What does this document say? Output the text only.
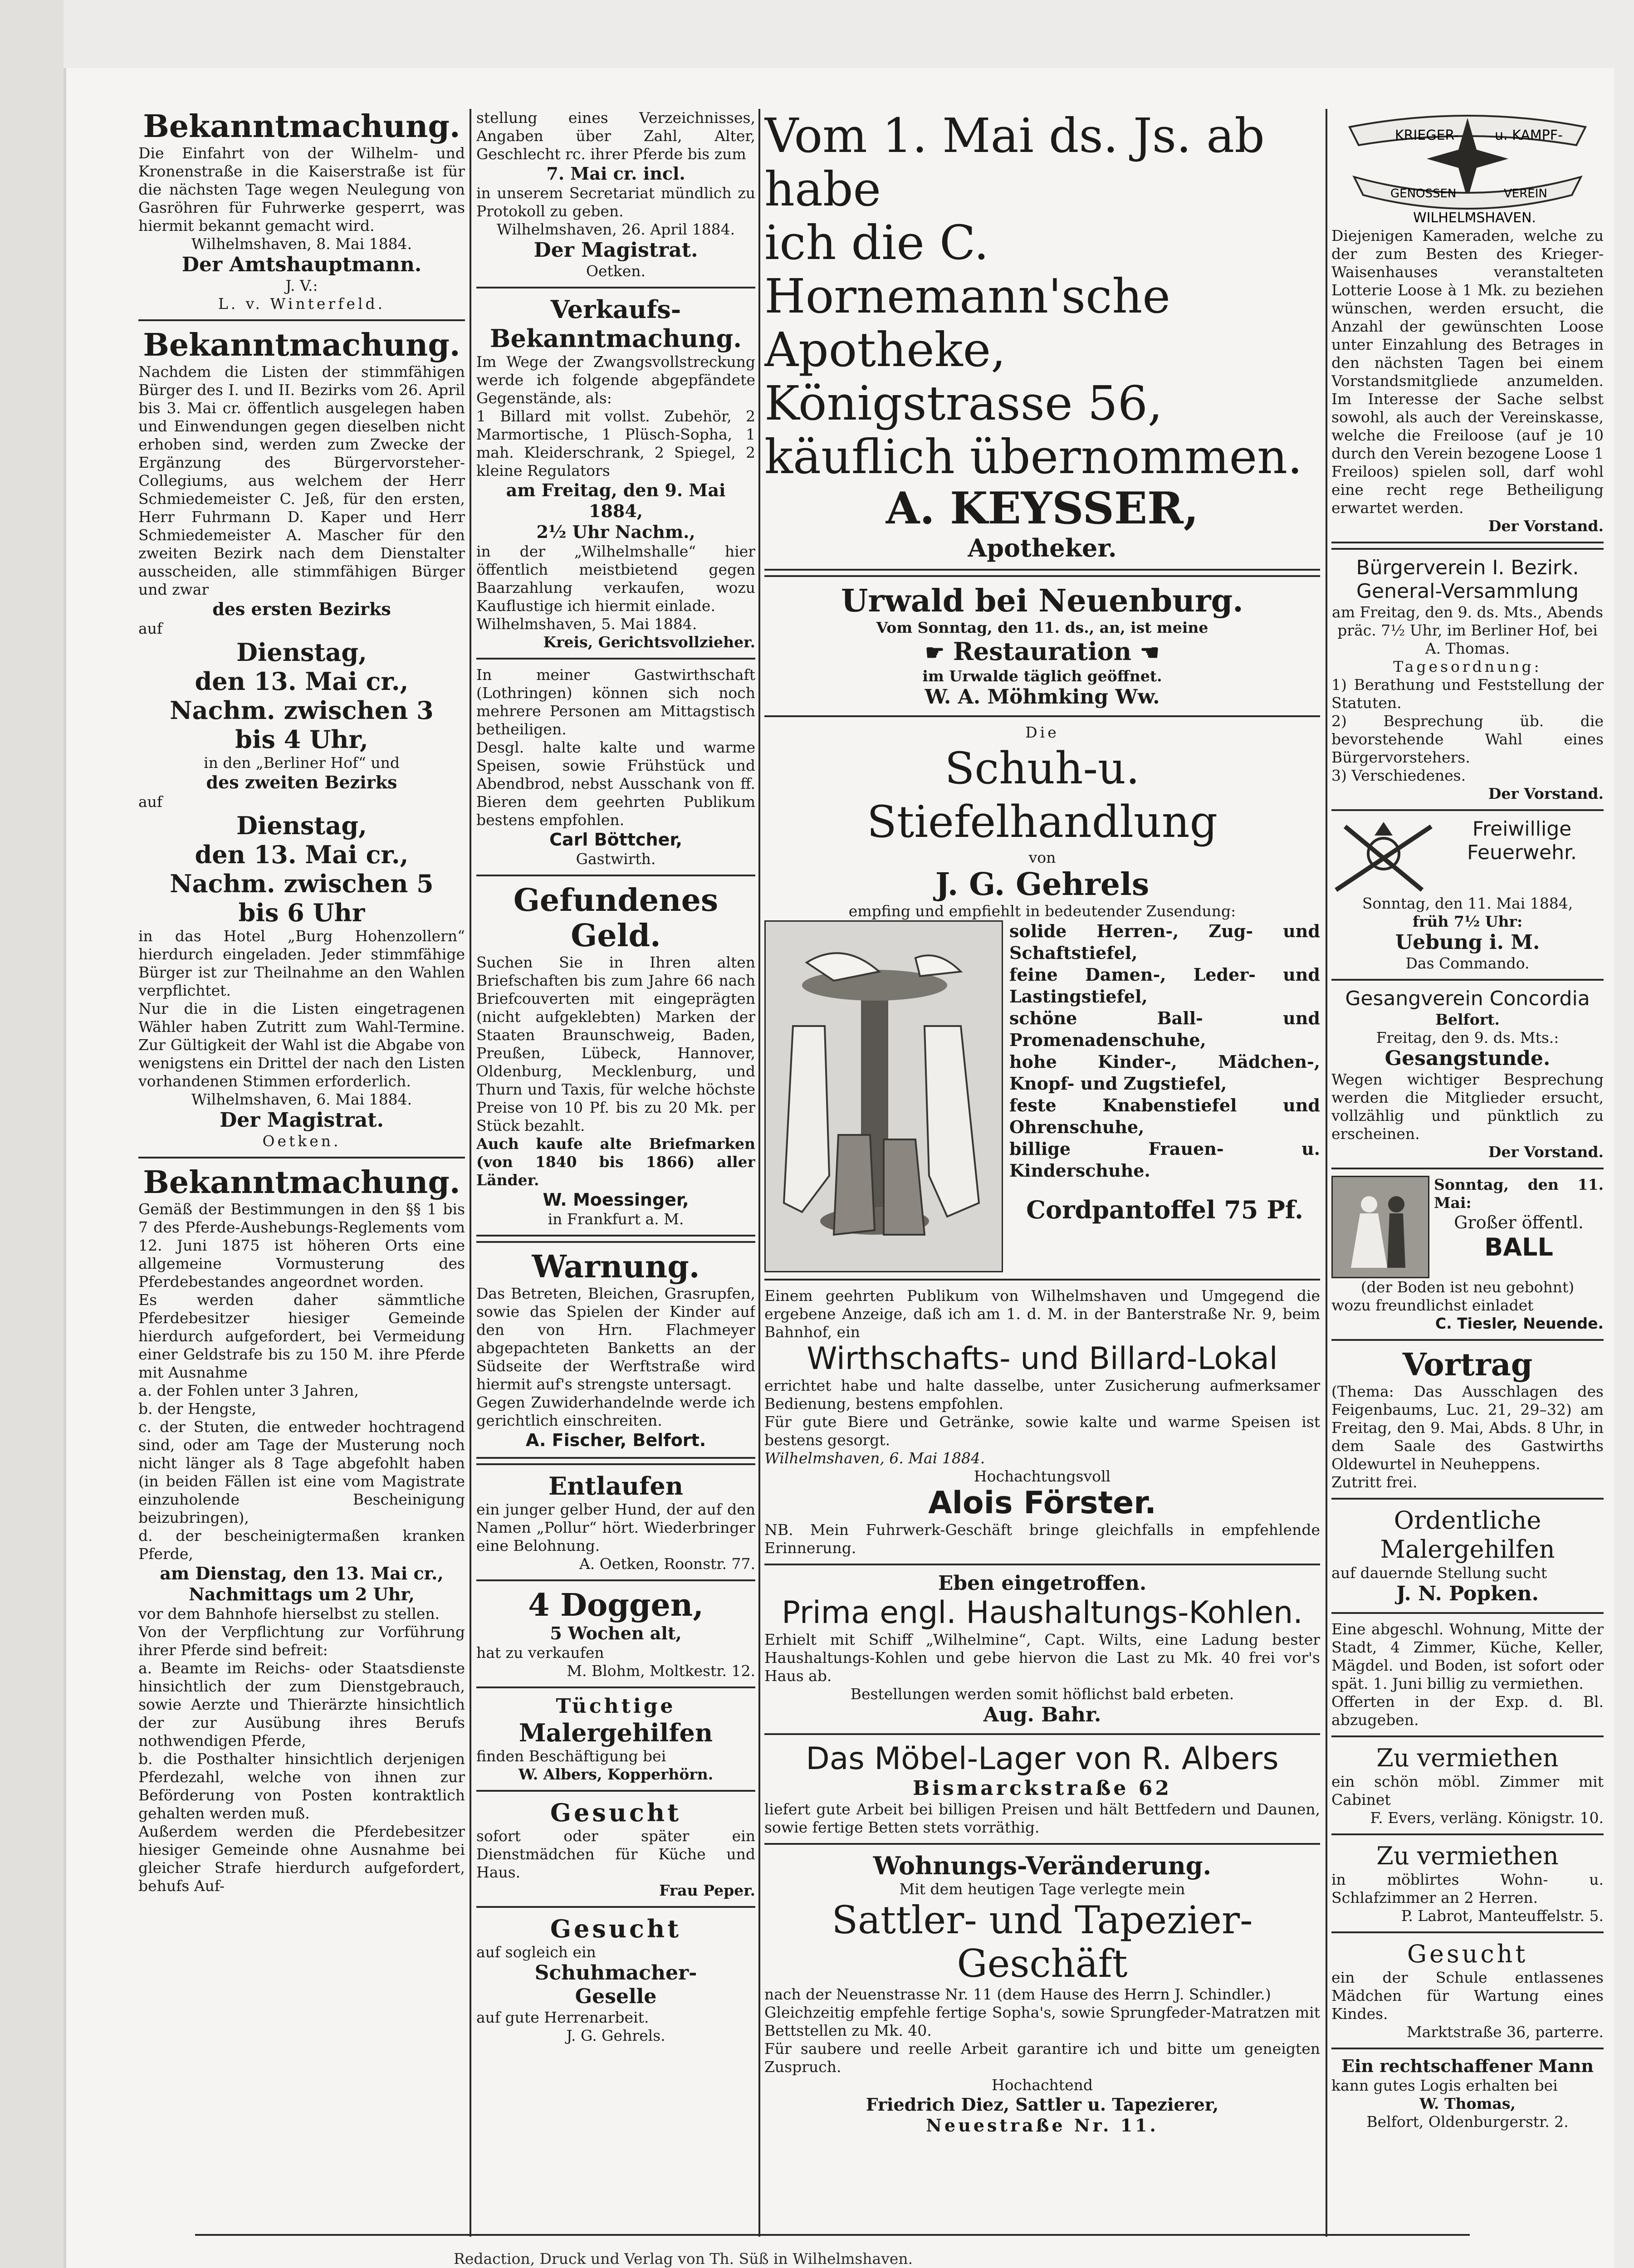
Bekanntmachung.

Die Einfahrt von der Wilhelm- und Kronenstraße in die Kaiserstraße ist für die nächsten Tage wegen Neulegung von Gasröhren für Fuhrwerke gesperrt, was hiermit bekannt gemacht wird.

Wilhelmshaven, 8. Mai 1884.

Der Amtshauptmann.

J. V.:

L. v. Winterfeld.

Bekanntmachung.

Nachdem die Listen der stimmfähigen Bürger des I. und II. Bezirks vom 26. April bis 3. Mai cr. öffentlich ausgelegen haben und Einwendungen gegen dieselben nicht erhoben sind, werden zum Zwecke der Ergänzung des Bürgervorsteher-Collegiums, aus welchem der Herr Schmiedemeister C. Jeß, für den ersten, Herr Fuhrmann D. Kaper und Herr Schmiedemeister A. Mascher für den zweiten Bezirk nach dem Dienstalter ausscheiden, alle stimmfähigen Bürger und zwar

des ersten Bezirks

auf

Dienstag,

den 13. Mai cr.,

Nachm. zwischen 3

bis 4 Uhr,

in den „Berliner Hof“ und

des zweiten Bezirks

auf

Dienstag,

den 13. Mai cr.,

Nachm. zwischen 5

bis 6 Uhr

in das Hotel „Burg Hohenzollern“ hierdurch eingeladen. Jeder stimmfähige Bürger ist zur Theilnahme an den Wahlen verpflichtet.

Nur die in die Listen eingetragenen Wähler haben Zutritt zum Wahl-Termine. Zur Gültigkeit der Wahl ist die Abgabe von wenigstens ein Drittel der nach den Listen vorhandenen Stimmen erforderlich.

Wilhelmshaven, 6. Mai 1884.

Der Magistrat.

Oetken.

Bekanntmachung.

Gemäß der Bestimmungen in den §§ 1 bis 7 des Pferde-Aushebungs-Reglements vom 12. Juni 1875 ist höheren Orts eine allgemeine Vormusterung des Pferdebestandes angeordnet worden.

Es werden daher sämmtliche Pferdebesitzer hiesiger Gemeinde hierdurch aufgefordert, bei Vermeidung einer Geldstrafe bis zu 150 M. ihre Pferde mit Ausnahme

a. der Fohlen unter 3 Jahren,

b. der Hengste,

c. der Stuten, die entweder hochtragend sind, oder am Tage der Musterung noch nicht länger als 8 Tage abgefohlt haben (in beiden Fällen ist eine vom Magistrate einzuholende Bescheinigung beizubringen),

d. der bescheinigtermaßen kranken Pferde,

am Dienstag, den 13. Mai cr., Nachmittags um 2 Uhr,

vor dem Bahnhofe hierselbst zu stellen.

Von der Verpflichtung zur Vorführung ihrer Pferde sind befreit:

a. Beamte im Reichs- oder Staatsdienste hinsichtlich der zum Dienstgebrauch, sowie Aerzte und Thierärzte hinsichtlich der zur Ausübung ihres Berufs nothwendigen Pferde,

b. die Posthalter hinsichtlich derjenigen Pferdezahl, welche von ihnen zur Beförderung von Posten kontraktlich gehalten werden muß.

Außerdem werden die Pferdebesitzer hiesiger Gemeinde ohne Ausnahme bei gleicher Strafe hierdurch aufgefordert, behufs Auf-

stellung eines Verzeichnisses, Angaben über Zahl, Alter, Geschlecht rc. ihrer Pferde bis zum

7. Mai cr. incl.

in unserem Secretariat mündlich zu Protokoll zu geben.

Wilhelmshaven, 26. April 1884.

Der Magistrat.

Oetken.

Verkaufs-Bekanntmachung.

Im Wege der Zwangsvollstreckung werde ich folgende abgepfändete Gegenstände, als:

1 Billard mit vollst. Zubehör, 2 Marmortische, 1 Plüsch-Sopha, 1 mah. Kleiderschrank, 2 Spiegel, 2 kleine Regulators

am Freitag, den 9. Mai 1884,

2½ Uhr Nachm.,

in der „Wilhelmshalle“ hier öffentlich meistbietend gegen Baarzahlung verkaufen, wozu Kauflustige ich hiermit einlade.

Wilhelmshaven, 5. Mai 1884.

Kreis, Gerichtsvollzieher.

In meiner Gastwirthschaft (Lothringen) können sich noch mehrere Personen am Mittagstisch betheiligen.

Desgl. halte kalte und warme Speisen, sowie Frühstück und Abendbrod, nebst Ausschank von ff. Bieren dem geehrten Publikum bestens empfohlen.

Carl Böttcher,

Gastwirth.

Gefundenes Geld.

Suchen Sie in Ihren alten Briefschaften bis zum Jahre 66 nach Briefcouverten mit eingeprägten (nicht aufgeklebten) Marken der Staaten Braunschweig, Baden, Preußen, Lübeck, Hannover, Oldenburg, Mecklenburg, und Thurn und Taxis, für welche höchste Preise von 10 Pf. bis zu 20 Mk. per Stück bezahlt.

Auch kaufe alte Briefmarken (von 1840 bis 1866) aller Länder.

W. Moessinger,

in Frankfurt a. M.

Warnung.

Das Betreten, Bleichen, Grasrupfen, sowie das Spielen der Kinder auf den von Hrn. Flachmeyer abgepachteten Banketts an der Südseite der Werftstraße wird hiermit auf's strengste untersagt.

Gegen Zuwiderhandelnde werde ich gerichtlich einschreiten.

A. Fischer, Belfort.

Entlaufen

ein junger gelber Hund, der auf den Namen „Pollur“ hört. Wiederbringer eine Belohnung.

A. Oetken, Roonstr. 77.

4 Doggen,

5 Wochen alt,

hat zu verkaufen

M. Blohm, Moltkestr. 12.

Tüchtige

Malergehilfen

finden Beschäftigung bei

W. Albers, Kopperhörn.

Gesucht

sofort oder später ein Dienstmädchen für Küche und Haus.

Frau Peper.

Gesucht

auf sogleich ein

Schuhmacher-

Geselle

auf gute Herrenarbeit.

J. G. Gehrels.

Vom 1. Mai ds. Js. ab habe

ich die C. Hornemann'sche

Apotheke, Königstrasse 56,

käuflich übernommen.

A. KEYSSER,

Apotheker.

Urwald bei Neuenburg.

Vom Sonntag, den 11. ds., an, ist meine

☛ Restauration ☚

im Urwalde täglich geöffnet.

W. A. Möhmking Ww.

Die

Schuh-u. Stiefelhandlung

von

J. G. Gehrels

empfing und empfiehlt in bedeutender Zusendung:

solide Herren-, Zug- und Schaftstiefel,

feine Damen-, Leder- und Lastingstiefel,

schöne Ball- und Promenadenschuhe,

hohe Kinder-, Mädchen-, Knopf- und Zugstiefel,

feste Knabenstiefel und Ohrenschuhe,

billige Frauen- u. Kinderschuhe.

Cordpantoffel 75 Pf.

Einem geehrten Publikum von Wilhelmshaven und Umgegend die ergebene Anzeige, daß ich am 1. d. M. in der Banterstraße Nr. 9, beim Bahnhof, ein

Wirthschafts- und Billard-Lokal

errichtet habe und halte dasselbe, unter Zusicherung aufmerksamer Bedienung, bestens empfohlen.

Für gute Biere und Getränke, sowie kalte und warme Speisen ist bestens gesorgt.

Wilhelmshaven, 6. Mai 1884.

Hochachtungsvoll

Alois Förster.

NB. Mein Fuhrwerk-Geschäft bringe gleichfalls in empfehlende Erinnerung.

Eben eingetroffen.

Prima engl. Haushaltungs-Kohlen.

Erhielt mit Schiff „Wilhelmine“, Capt. Wilts, eine Ladung bester Haushaltungs-Kohlen und gebe hiervon die Last zu Mk. 40 frei vor's Haus ab.

Bestellungen werden somit höflichst bald erbeten.

Aug. Bahr.

Das Möbel-Lager von R. Albers

Bismarckstraße 62

liefert gute Arbeit bei billigen Preisen und hält Bettfedern und Daunen, sowie fertige Betten stets vorräthig.

Wohnungs-Veränderung.

Mit dem heutigen Tage verlegte mein

Sattler- und Tapezier-Geschäft

nach der Neuenstrasse Nr. 11 (dem Hause des Herrn J. Schindler.)

Gleichzeitig empfehle fertige Sopha's, sowie Sprungfeder-Matratzen mit Bettstellen zu Mk. 40.

Für saubere und reelle Arbeit garantire ich und bitte um geneigten Zuspruch.

Hochachtend

Friedrich Diez, Sattler u. Tapezierer,

Neuestraße Nr. 11.

KRIEGER-	u. KAMPF-
GENOSSEN	VEREIN
WILHELMSHAVEN.

Diejenigen Kameraden, welche zu der zum Besten des Krieger-Waisenhauses veranstalteten Lotterie Loose à 1 Mk. zu beziehen wünschen, werden ersucht, die Anzahl der gewünschten Loose unter Einzahlung des Betrages in den nächsten Tagen bei einem Vorstandsmitgliede anzumelden. Im Interesse der Sache selbst sowohl, als auch der Vereinskasse, welche die Freiloose (auf je 10 durch den Verein bezogene Loose 1 Freiloos) spielen soll, darf wohl eine recht rege Betheiligung erwartet werden.

Der Vorstand.

Bürgerverein I. Bezirk.

General-Versammlung

am Freitag, den 9. ds. Mts., Abends präc. 7½ Uhr, im Berliner Hof, bei A. Thomas.

Tagesordnung:

1) Berathung und Feststellung der Statuten.

2) Besprechung üb. die bevorstehende Wahl eines Bürgervorstehers.

3) Verschiedenes.

Der Vorstand.

Freiwillige

Feuerwehr.

Sonntag, den 11. Mai 1884,

früh 7½ Uhr:

Uebung i. M.

Das Commando.

Gesangverein Concordia

Belfort.

Freitag, den 9. ds. Mts.:

Gesangstunde.

Wegen wichtiger Besprechung werden die Mitglieder ersucht, vollzählig und pünktlich zu erscheinen.

Der Vorstand.

Sonntag, den 11. Mai:

Großer öffentl.

BALL

(der Boden ist neu gebohnt)

wozu freundlichst einladet

C. Tiesler, Neuende.

Vortrag

(Thema: Das Ausschlagen des Feigenbaums, Luc. 21, 29–32) am Freitag, den 9. Mai, Abds. 8 Uhr, in dem Saale des Gastwirths Oldewurtel in Neuheppens.

Zutritt frei.

Ordentliche

Malergehilfen

auf dauernde Stellung sucht

J. N. Popken.

Eine abgeschl. Wohnung, Mitte der Stadt, 4 Zimmer, Küche, Keller, Mägdel. und Boden, ist sofort oder spät. 1. Juni billig zu vermiethen.

Offerten in der Exp. d. Bl. abzugeben.

Zu vermiethen

ein schön möbl. Zimmer mit Cabinet

F. Evers, verläng. Königstr. 10.

Zu vermiethen

in möblirtes Wohn- u. Schlafzimmer an 2 Herren.

P. Labrot, Manteuffelstr. 5.

Gesucht

ein der Schule entlassenes Mädchen für Wartung eines Kindes.

Marktstraße 36, parterre.

Ein rechtschaffener Mann

kann gutes Logis erhalten bei

W. Thomas,

Belfort, Oldenburgerstr. 2.

Redaction, Druck und Verlag von Th. Süß in Wilhelmshaven.
